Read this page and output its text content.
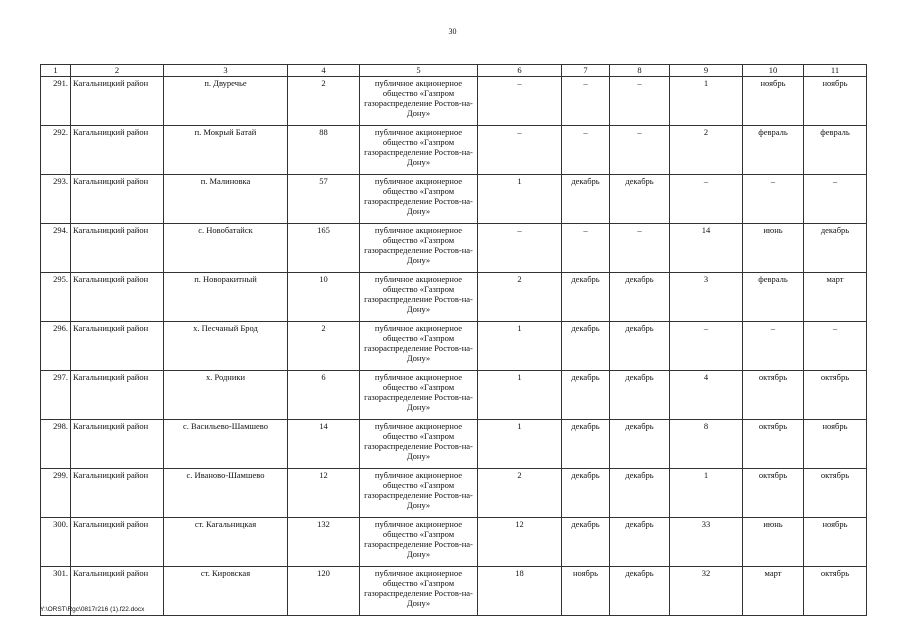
30
1	2	3	4	5	6	7	8	9	10	11
291.	Кагальницкий район	п. Двуречье	2	публичное акционерное общество «Газпром газораспределение Ростов-на-Дону»	–	–	–	1	ноябрь	ноябрь
292.	Кагальницкий район	п. Мокрый Батай	88	публичное акционерное общество «Газпром газораспределение Ростов-на-Дону»	–	–	–	2	февраль	февраль
293.	Кагальницкий район	п. Малиновка	57	публичное акционерное общество «Газпром газораспределение Ростов-на-Дону»	1	декабрь	декабрь	–	–	–
294.	Кагальницкий район	с. Новобатайск	165	публичное акционерное общество «Газпром газораспределение Ростов-на-Дону»	–	–	–	14	июнь	декабрь
295.	Кагальницкий район	п. Новоракитный	10	публичное акционерное общество «Газпром газораспределение Ростов-на-Дону»	2	декабрь	декабрь	3	февраль	март
296.	Кагальницкий район	х. Песчаный Брод	2	публичное акционерное общество «Газпром газораспределение Ростов-на-Дону»	1	декабрь	декабрь	–	–	–
297.	Кагальницкий район	х. Родники	6	публичное акционерное общество «Газпром газораспределение Ростов-на-Дону»	1	декабрь	декабрь	4	октябрь	октябрь
298.	Кагальницкий район	с. Васильево-Шамшево	14	публичное акционерное общество «Газпром газораспределение Ростов-на-Дону»	1	декабрь	декабрь	8	октябрь	ноябрь
299.	Кагальницкий район	с. Иваново-Шамшево	12	публичное акционерное общество «Газпром газораспределение Ростов-на-Дону»	2	декабрь	декабрь	1	октябрь	октябрь
300.	Кагальницкий район	ст. Кагальницкая	132	публичное акционерное общество «Газпром газораспределение Ростов-на-Дону»	12	декабрь	декабрь	33	июнь	ноябрь
301.	Кагальницкий район	ст. Кировская	120	публичное акционерное общество «Газпром газораспределение Ростов-на-Дону»	18	ноябрь	декабрь	32	март	октябрь
Y:\ORST\Rgc\0817r216 (1).f22.docx
